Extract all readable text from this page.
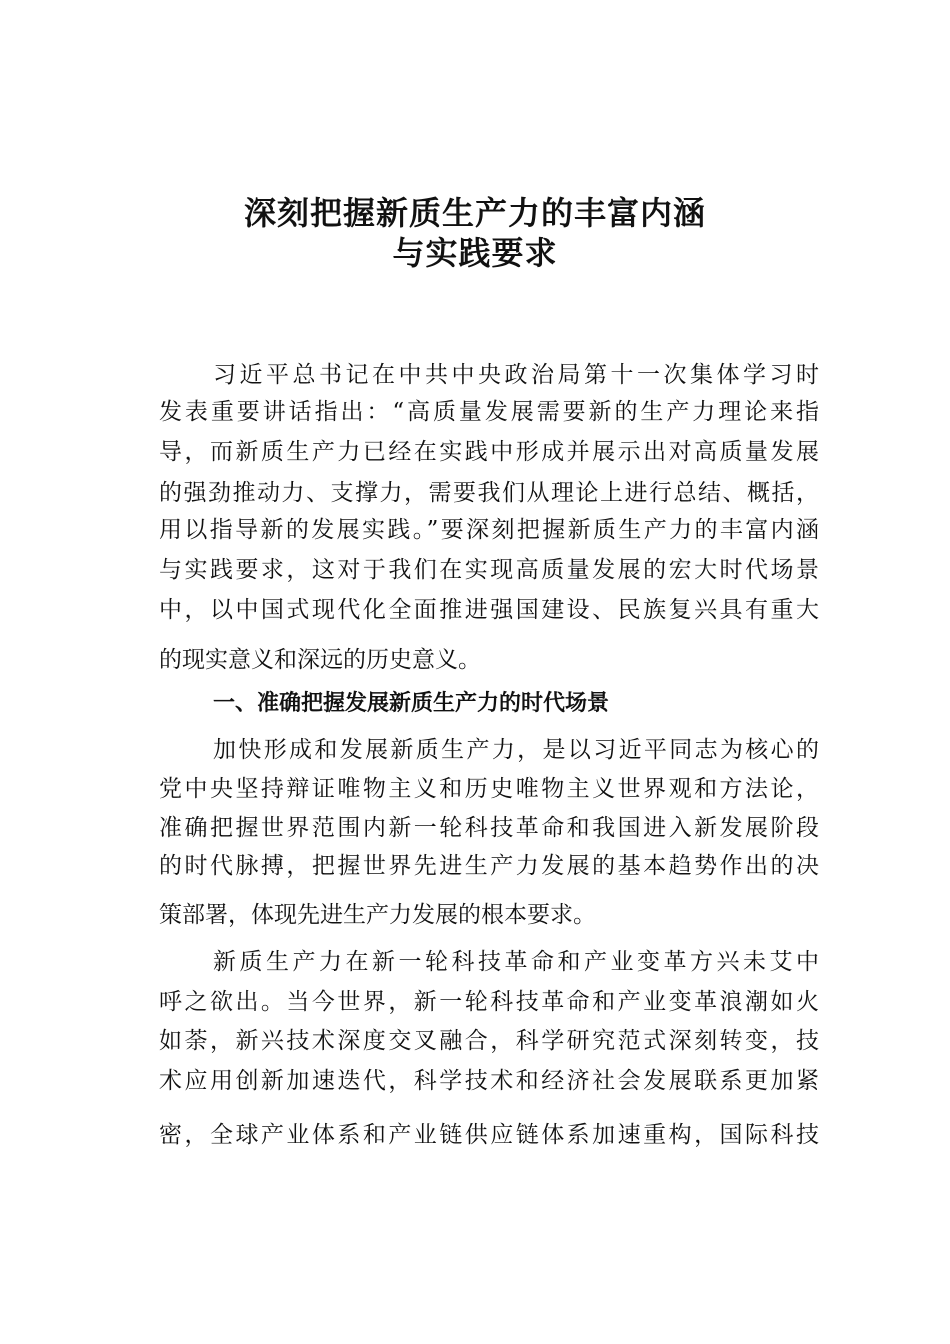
深刻把握新质生产力的丰富内涵
与实践要求
习近平总书记在中共中央政治局第十一次集体学习时
发表重要讲话指出：“高质量发展需要新的生产力理论来指
导，而新质生产力已经在实践中形成并展示出对高质量发展
的强劲推动力、支撑力，需要我们从理论上进行总结、概括，
用以指导新的发展实践。”要深刻把握新质生产力的丰富内涵
与实践要求，这对于我们在实现高质量发展的宏大时代场景
中，以中国式现代化全面推进强国建设、民族复兴具有重大
的现实意义和深远的历史意义。
一、准确把握发展新质生产力的时代场景
加快形成和发展新质生产力，是以习近平同志为核心的
党中央坚持辩证唯物主义和历史唯物主义世界观和方法论，
准确把握世界范围内新一轮科技革命和我国进入新发展阶段
的时代脉搏，把握世界先进生产力发展的基本趋势作出的决
策部署，体现先进生产力发展的根本要求。
新质生产力在新一轮科技革命和产业变革方兴未艾中
呼之欲出。当今世界，新一轮科技革命和产业变革浪潮如火
如荼，新兴技术深度交叉融合，科学研究范式深刻转变，技
术应用创新加速迭代，科学技术和经济社会发展联系更加紧
密，全球产业体系和产业链供应链体系加速重构，国际科技
